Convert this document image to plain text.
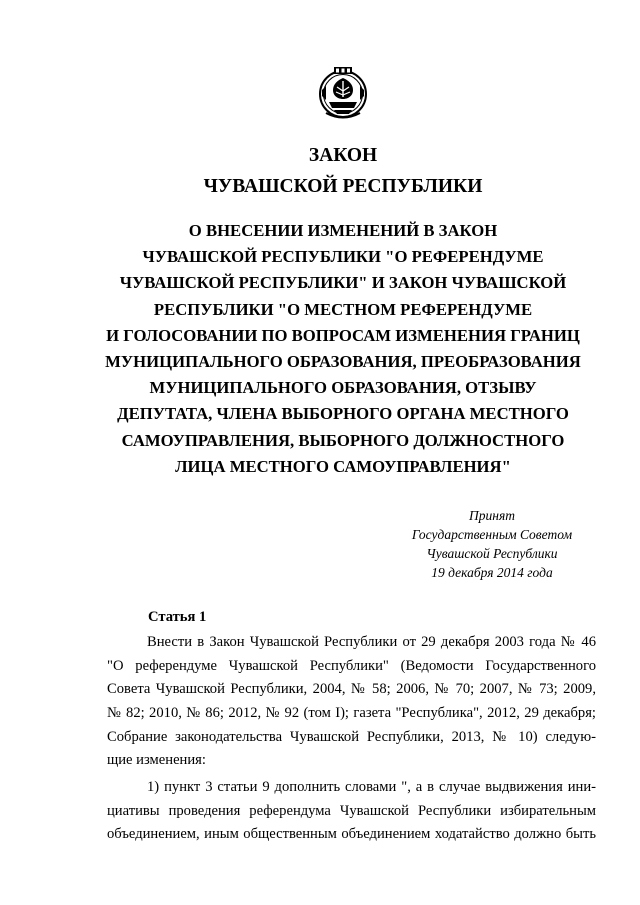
ЗАКОН
ЧУВАШСКОЙ РЕСПУБЛИКИ
О ВНЕСЕНИИ ИЗМЕНЕНИЙ В ЗАКОН
ЧУВАШСКОЙ РЕСПУБЛИКИ "О РЕФЕРЕНДУМЕ
ЧУВАШСКОЙ РЕСПУБЛИКИ" И ЗАКОН ЧУВАШСКОЙ
РЕСПУБЛИКИ "О МЕСТНОМ РЕФЕРЕНДУМЕ
И ГОЛОСОВАНИИ ПО ВОПРОСАМ ИЗМЕНЕНИЯ ГРАНИЦ
МУНИЦИПАЛЬНОГО ОБРАЗОВАНИЯ, ПРЕОБРАЗОВАНИЯ
МУНИЦИПАЛЬНОГО ОБРАЗОВАНИЯ, ОТЗЫВУ
ДЕПУТАТА, ЧЛЕНА ВЫБОРНОГО ОРГАНА МЕСТНОГО
САМОУПРАВЛЕНИЯ, ВЫБОРНОГО ДОЛЖНОСТНОГО
ЛИЦА МЕСТНОГО САМОУПРАВЛЕНИЯ"
Принят
Государственным Советом
Чувашской Республики
19 декабря 2014 года
Статья 1
Внести в Закон Чувашской Республики от 29 декабря 2003 года № 46
"О референдуме Чувашской Республики" (Ведомости Государственного
Совета Чувашской Республики, 2004, № 58; 2006, № 70; 2007, № 73; 2009,
№ 82; 2010, № 86; 2012, № 92 (том I); газета "Республика", 2012, 29 декабря;
Собрание законодательства Чувашской Республики, 2013, № 10) следую-
щие изменения:
1) пункт 3 статьи 9 дополнить словами ", а в случае выдвижения ини-
циативы проведения референдума Чувашской Республики избирательным
объединением, иным общественным объединением ходатайство должно быть
